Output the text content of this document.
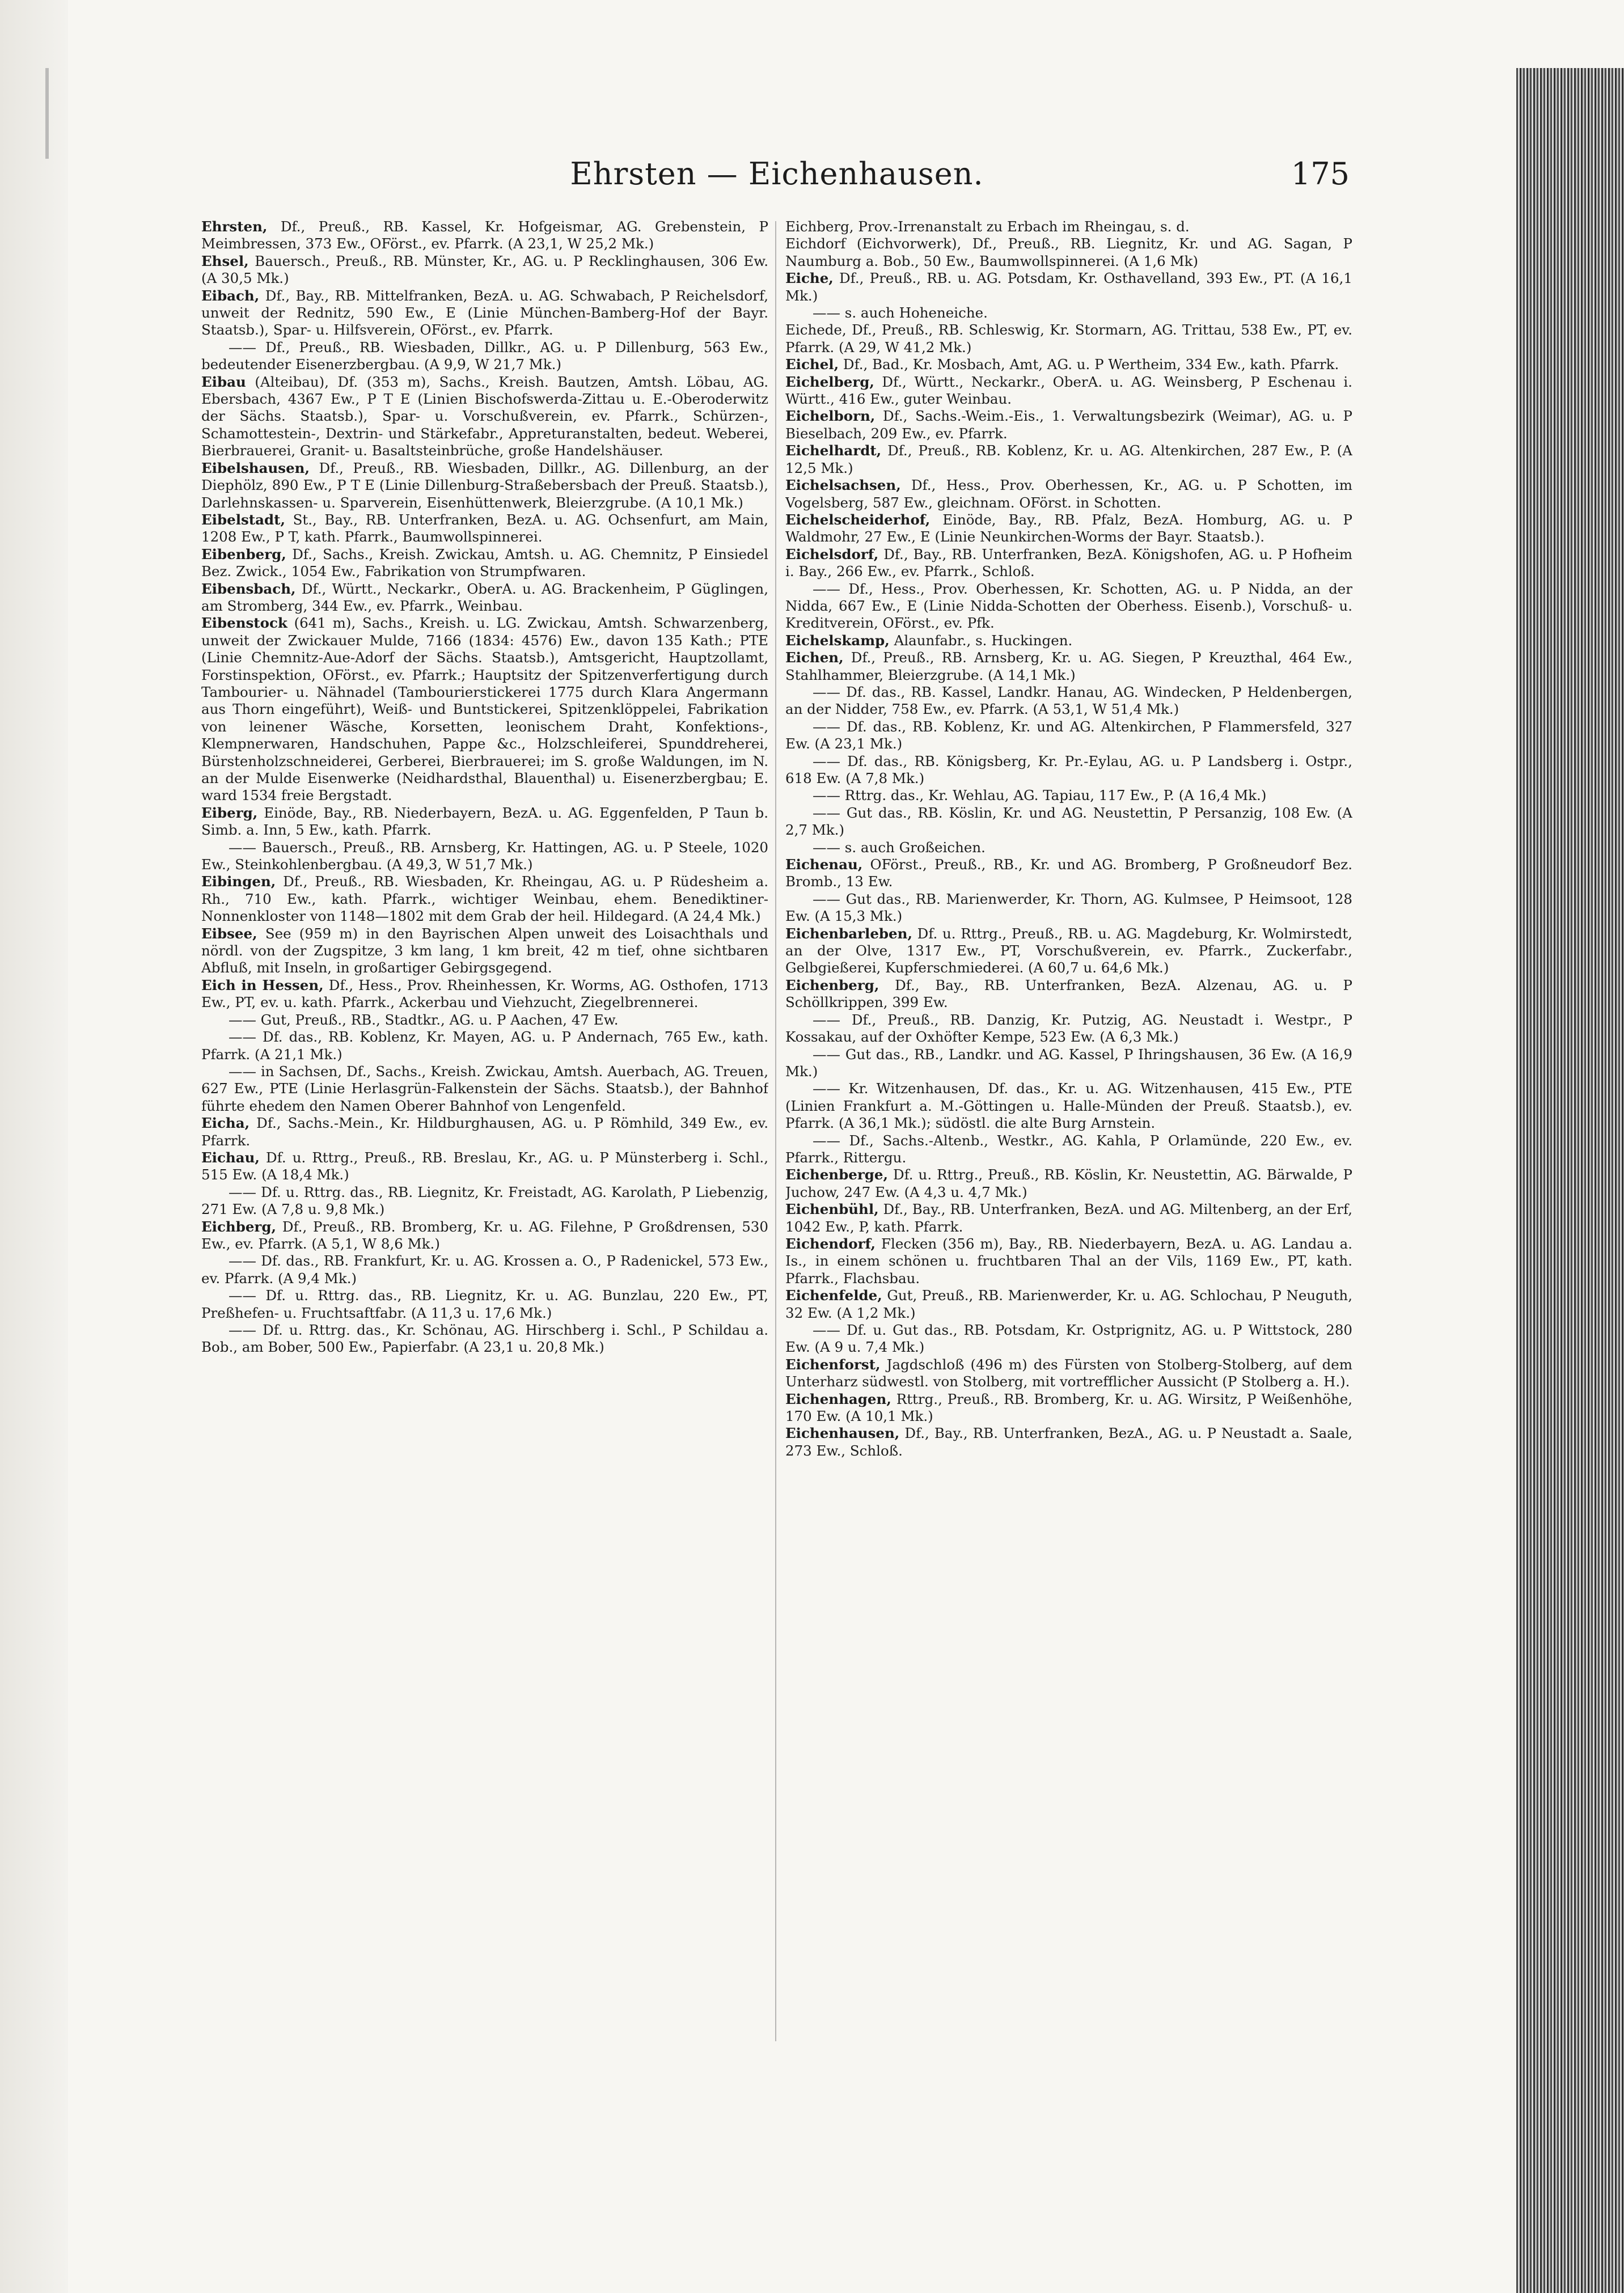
Ehrsten — Eichenhausen.	175

Ehrsten, Df., Preuß., RB. Kassel, Kr. Hofgeismar, AG. Grebenstein, P Meimbressen, 373 Ew., OFörst., ev. Pfarrk. (A 23,1, W 25,2 Mk.)

Ehsel, Bauersch., Preuß., RB. Münster, Kr., AG. u. P Recklinghausen, 306 Ew. (A 30,5 Mk.)

Eibach, Df., Bay., RB. Mittelfranken, BezA. u. AG. Schwabach, P Reichelsdorf, unweit der Rednitz, 590 Ew., E (Linie München-Bamberg-Hof der Bayr. Staatsb.), Spar- u. Hilfsverein, OFörst., ev. Pfarrk.

—— Df., Preuß., RB. Wiesbaden, Dillkr., AG. u. P Dillenburg, 563 Ew., bedeutender Eisenerzbergbau. (A 9,9, W 21,7 Mk.)

Eibau (Alteibau), Df. (353 m), Sachs., Kreish. Bautzen, Amtsh. Löbau, AG. Ebersbach, 4367 Ew., P T E (Linien Bischofswerda-Zittau u. E.-Oberoderwitz der Sächs. Staatsb.), Spar- u. Vorschußverein, ev. Pfarrk., Schürzen-, Schamottestein-, Dextrin- und Stärkefabr., Appreturanstalten, bedeut. Weberei, Bierbrauerei, Granit- u. Basaltsteinbrüche, große Handelshäuser.

Eibelshausen, Df., Preuß., RB. Wiesbaden, Dillkr., AG. Dillenburg, an der Diephölz, 890 Ew., P T E (Linie Dillenburg-Straßebersbach der Preuß. Staatsb.), Darlehnskassen- u. Sparverein, Eisenhüttenwerk, Bleierzgrube. (A 10,1 Mk.)

Eibelstadt, St., Bay., RB. Unterfranken, BezA. u. AG. Ochsenfurt, am Main, 1208 Ew., P T, kath. Pfarrk., Baumwollspinnerei.

Eibenberg, Df., Sachs., Kreish. Zwickau, Amtsh. u. AG. Chemnitz, P Einsiedel Bez. Zwick., 1054 Ew., Fabrikation von Strumpfwaren.

Eibensbach, Df., Württ., Neckarkr., OberA. u. AG. Brackenheim, P Güglingen, am Stromberg, 344 Ew., ev. Pfarrk., Weinbau.

Eibenstock (641 m), Sachs., Kreish. u. LG. Zwickau, Amtsh. Schwarzenberg, unweit der Zwickauer Mulde, 7166 (1834: 4576) Ew., davon 135 Kath.; PTE (Linie Chemnitz-Aue-Adorf der Sächs. Staatsb.), Amtsgericht, Hauptzollamt, Forstinspektion, OFörst., ev. Pfarrk.; Hauptsitz der Spitzenverfertigung durch Tambourier- u. Nähnadel (Tambourierstickerei 1775 durch Klara Angermann aus Thorn eingeführt), Weiß- und Buntstickerei, Spitzenklöppelei, Fabrikation von leinener Wäsche, Korsetten, leonischem Draht, Konfektions-, Klempnerwaren, Handschuhen, Pappe &c., Holzschleiferei, Spunddreherei, Bürstenholzschneiderei, Gerberei, Bierbrauerei; im S. große Waldungen, im N. an der Mulde Eisenwerke (Neidhardsthal, Blauenthal) u. Eisenerzbergbau; E. ward 1534 freie Bergstadt.

Eiberg, Einöde, Bay., RB. Niederbayern, BezA. u. AG. Eggenfelden, P Taun b. Simb. a. Inn, 5 Ew., kath. Pfarrk.

—— Bauersch., Preuß., RB. Arnsberg, Kr. Hattingen, AG. u. P Steele, 1020 Ew., Steinkohlenbergbau. (A 49,3, W 51,7 Mk.)

Eibingen, Df., Preuß., RB. Wiesbaden, Kr. Rheingau, AG. u. P Rüdesheim a. Rh., 710 Ew., kath. Pfarrk., wichtiger Weinbau, ehem. Benediktiner-Nonnenkloster von 1148—1802 mit dem Grab der heil. Hildegard. (A 24,4 Mk.)

Eibsee, See (959 m) in den Bayrischen Alpen unweit des Loisachthals und nördl. von der Zugspitze, 3 km lang, 1 km breit, 42 m tief, ohne sichtbaren Abfluß, mit Inseln, in großartiger Gebirgsgegend.

Eich in Hessen, Df., Hess., Prov. Rheinhessen, Kr. Worms, AG. Osthofen, 1713 Ew., PT, ev. u. kath. Pfarrk., Ackerbau und Viehzucht, Ziegelbrennerei.

—— Gut, Preuß., RB., Stadtkr., AG. u. P Aachen, 47 Ew.

—— Df. das., RB. Koblenz, Kr. Mayen, AG. u. P Andernach, 765 Ew., kath. Pfarrk. (A 21,1 Mk.)

—— in Sachsen, Df., Sachs., Kreish. Zwickau, Amtsh. Auerbach, AG. Treuen, 627 Ew., PTE (Linie Herlasgrün-Falkenstein der Sächs. Staatsb.), der Bahnhof führte ehedem den Namen Oberer Bahnhof von Lengenfeld.

Eicha, Df., Sachs.-Mein., Kr. Hildburghausen, AG. u. P Römhild, 349 Ew., ev. Pfarrk.

Eichau, Df. u. Rttrg., Preuß., RB. Breslau, Kr., AG. u. P Münsterberg i. Schl., 515 Ew. (A 18,4 Mk.)

—— Df. u. Rttrg. das., RB. Liegnitz, Kr. Freistadt, AG. Karolath, P Liebenzig, 271 Ew. (A 7,8 u. 9,8 Mk.)

Eichberg, Df., Preuß., RB. Bromberg, Kr. u. AG. Filehne, P Großdrensen, 530 Ew., ev. Pfarrk. (A 5,1, W 8,6 Mk.)

—— Df. das., RB. Frankfurt, Kr. u. AG. Krossen a. O., P Radenickel, 573 Ew., ev. Pfarrk. (A 9,4 Mk.)

—— Df. u. Rttrg. das., RB. Liegnitz, Kr. u. AG. Bunzlau, 220 Ew., PT, Preßhefen- u. Fruchtsaftfabr. (A 11,3 u. 17,6 Mk.)

—— Df. u. Rttrg. das., Kr. Schönau, AG. Hirschberg i. Schl., P Schildau a. Bob., am Bober, 500 Ew., Papierfabr. (A 23,1 u. 20,8 Mk.)

Eichberg, Prov.-Irrenanstalt zu Erbach im Rheingau, s. d.

Eichdorf (Eichvorwerk), Df., Preuß., RB. Liegnitz, Kr. und AG. Sagan, P Naumburg a. Bob., 50 Ew., Baumwollspinnerei. (A 1,6 Mk)

Eiche, Df., Preuß., RB. u. AG. Potsdam, Kr. Osthavelland, 393 Ew., PT. (A 16,1 Mk.)

—— s. auch Hoheneiche.

Eichede, Df., Preuß., RB. Schleswig, Kr. Stormarn, AG. Trittau, 538 Ew., PT, ev. Pfarrk. (A 29, W 41,2 Mk.)

Eichel, Df., Bad., Kr. Mosbach, Amt, AG. u. P Wertheim, 334 Ew., kath. Pfarrk.

Eichelberg, Df., Württ., Neckarkr., OberA. u. AG. Weinsberg, P Eschenau i. Württ., 416 Ew., guter Weinbau.

Eichelborn, Df., Sachs.-Weim.-Eis., 1. Verwaltungsbezirk (Weimar), AG. u. P Bieselbach, 209 Ew., ev. Pfarrk.

Eichelhardt, Df., Preuß., RB. Koblenz, Kr. u. AG. Altenkirchen, 287 Ew., P. (A 12,5 Mk.)

Eichelsachsen, Df., Hess., Prov. Oberhessen, Kr., AG. u. P Schotten, im Vogelsberg, 587 Ew., gleichnam. OFörst. in Schotten.

Eichelscheiderhof, Einöde, Bay., RB. Pfalz, BezA. Homburg, AG. u. P Waldmohr, 27 Ew., E (Linie Neunkirchen-Worms der Bayr. Staatsb.).

Eichelsdorf, Df., Bay., RB. Unterfranken, BezA. Königshofen, AG. u. P Hofheim i. Bay., 266 Ew., ev. Pfarrk., Schloß.

—— Df., Hess., Prov. Oberhessen, Kr. Schotten, AG. u. P Nidda, an der Nidda, 667 Ew., E (Linie Nidda-Schotten der Oberhess. Eisenb.), Vorschuß- u. Kreditverein, OFörst., ev. Pfk.

Eichelskamp, Alaunfabr., s. Huckingen.

Eichen, Df., Preuß., RB. Arnsberg, Kr. u. AG. Siegen, P Kreuzthal, 464 Ew., Stahlhammer, Bleierzgrube. (A 14,1 Mk.)

—— Df. das., RB. Kassel, Landkr. Hanau, AG. Windecken, P Heldenbergen, an der Nidder, 758 Ew., ev. Pfarrk. (A 53,1, W 51,4 Mk.)

—— Df. das., RB. Koblenz, Kr. und AG. Altenkirchen, P Flammersfeld, 327 Ew. (A 23,1 Mk.)

—— Df. das., RB. Königsberg, Kr. Pr.-Eylau, AG. u. P Landsberg i. Ostpr., 618 Ew. (A 7,8 Mk.)

—— Rttrg. das., Kr. Wehlau, AG. Tapiau, 117 Ew., P. (A 16,4 Mk.)

—— Gut das., RB. Köslin, Kr. und AG. Neustettin, P Persanzig, 108 Ew. (A 2,7 Mk.)

—— s. auch Großeichen.

Eichenau, OFörst., Preuß., RB., Kr. und AG. Bromberg, P Großneudorf Bez. Bromb., 13 Ew.

—— Gut das., RB. Marienwerder, Kr. Thorn, AG. Kulmsee, P Heimsoot, 128 Ew. (A 15,3 Mk.)

Eichenbarleben, Df. u. Rttrg., Preuß., RB. u. AG. Magdeburg, Kr. Wolmirstedt, an der Olve, 1317 Ew., PT, Vorschußverein, ev. Pfarrk., Zuckerfabr., Gelbgießerei, Kupferschmiederei. (A 60,7 u. 64,6 Mk.)

Eichenberg, Df., Bay., RB. Unterfranken, BezA. Alzenau, AG. u. P Schöllkrippen, 399 Ew.

—— Df., Preuß., RB. Danzig, Kr. Putzig, AG. Neustadt i. Westpr., P Kossakau, auf der Oxhöfter Kempe, 523 Ew. (A 6,3 Mk.)

—— Gut das., RB., Landkr. und AG. Kassel, P Ihringshausen, 36 Ew. (A 16,9 Mk.)

—— Kr. Witzenhausen, Df. das., Kr. u. AG. Witzenhausen, 415 Ew., PTE (Linien Frankfurt a. M.-Göttingen u. Halle-Münden der Preuß. Staatsb.), ev. Pfarrk. (A 36,1 Mk.); südöstl. die alte Burg Arnstein.

—— Df., Sachs.-Altenb., Westkr., AG. Kahla, P Orlamünde, 220 Ew., ev. Pfarrk., Rittergu.

Eichenberge, Df. u. Rttrg., Preuß., RB. Köslin, Kr. Neustettin, AG. Bärwalde, P Juchow, 247 Ew. (A 4,3 u. 4,7 Mk.)

Eichenbühl, Df., Bay., RB. Unterfranken, BezA. und AG. Miltenberg, an der Erf, 1042 Ew., P, kath. Pfarrk.

Eichendorf, Flecken (356 m), Bay., RB. Niederbayern, BezA. u. AG. Landau a. Is., in einem schönen u. fruchtbaren Thal an der Vils, 1169 Ew., PT, kath. Pfarrk., Flachsbau.

Eichenfelde, Gut, Preuß., RB. Marienwerder, Kr. u. AG. Schlochau, P Neuguth, 32 Ew. (A 1,2 Mk.)

—— Df. u. Gut das., RB. Potsdam, Kr. Ostprignitz, AG. u. P Wittstock, 280 Ew. (A 9 u. 7,4 Mk.)

Eichenforst, Jagdschloß (496 m) des Fürsten von Stolberg-Stolberg, auf dem Unterharz südwestl. von Stolberg, mit vortrefflicher Aussicht (P Stolberg a. H.).

Eichenhagen, Rttrg., Preuß., RB. Bromberg, Kr. u. AG. Wirsitz, P Weißenhöhe, 170 Ew. (A 10,1 Mk.)

Eichenhausen, Df., Bay., RB. Unterfranken, BezA., AG. u. P Neustadt a. Saale, 273 Ew., Schloß.
